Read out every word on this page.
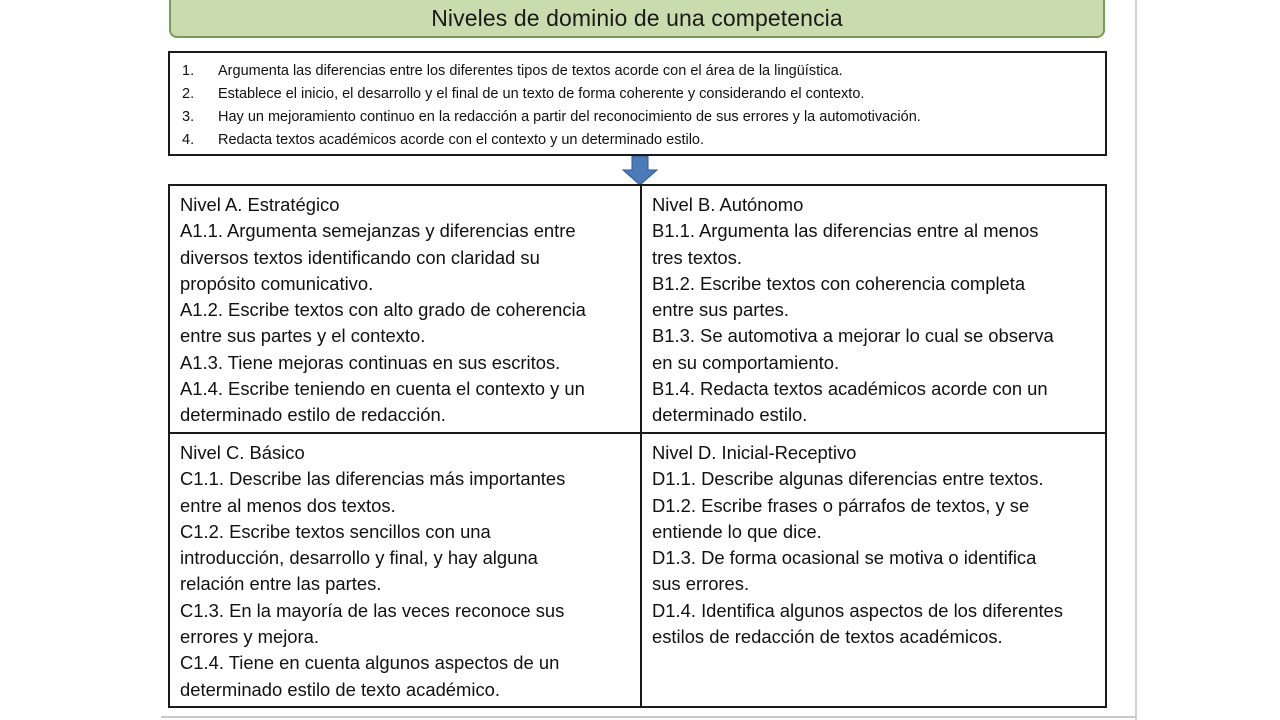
Niveles de dominio de una competencia
1.	Argumenta las diferencias entre los diferentes tipos de textos acorde con el área de la lingüística.
2.	Establece el inicio, el desarrollo y el final de un texto de forma coherente y considerando el contexto.
3.	Hay un mejoramiento continuo en la redacción a partir del reconocimiento de sus errores y la automotivación.
4.	Redacta textos académicos acorde con el contexto y un determinado estilo.
Nivel A. Estratégico
A1.1. Argumenta semejanzas y diferencias entre
diversos textos identificando con claridad su
propósito comunicativo.
A1.2. Escribe textos con alto grado de coherencia
entre sus partes y el contexto.
A1.3. Tiene mejoras continuas en sus escritos.
A1.4. Escribe teniendo en cuenta el contexto y un
determinado estilo de redacción.
Nivel B. Autónomo
B1.1. Argumenta las diferencias entre al menos
tres textos.
B1.2. Escribe textos con coherencia completa
entre sus partes.
B1.3. Se automotiva a mejorar lo cual se observa
en su comportamiento.
B1.4. Redacta textos académicos acorde con un
determinado estilo.
Nivel C. Básico
C1.1. Describe las diferencias más importantes
entre al menos dos textos.
C1.2. Escribe textos sencillos con una
introducción, desarrollo y final, y hay alguna
relación entre las partes.
C1.3. En la mayoría de las veces reconoce sus
errores y mejora.
C1.4. Tiene en cuenta algunos aspectos de un
determinado estilo de texto académico.
Nivel D. Inicial-Receptivo
D1.1. Describe algunas diferencias entre textos.
D1.2. Escribe frases o párrafos de textos, y se
entiende lo que dice.
D1.3. De forma ocasional se motiva o identifica
sus errores.
D1.4. Identifica algunos aspectos de los diferentes
estilos de redacción de textos académicos.
